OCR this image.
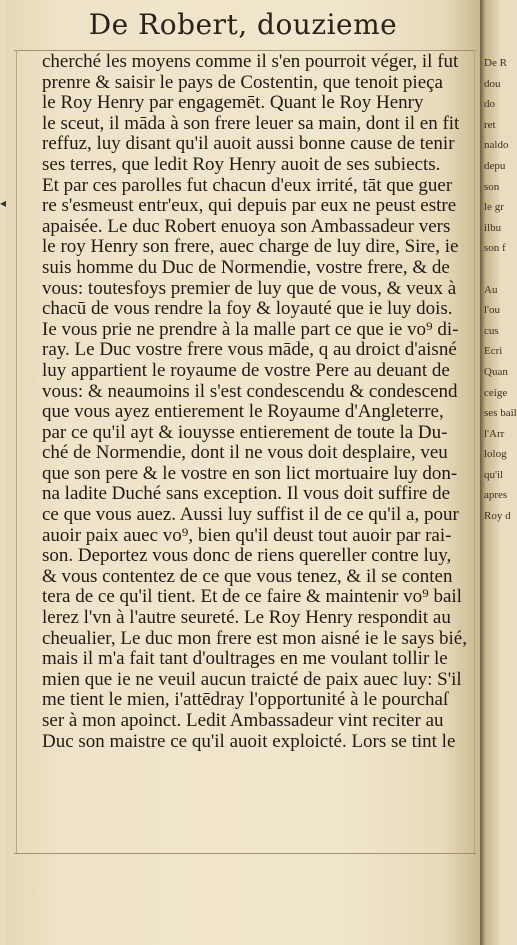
De Robert, douzieme
cherché les moyens comme il s'en pourroit véger, il fut
prenre & saisir le pays de Costentin, que tenoit pieça
le Roy Henry par engagemēt. Quant le Roy Henry
le sceut, il māda à son frere leuer sa main, dont il en fit
reffuz, luy disant qu'il auoit aussi bonne cause de tenir
ses terres, que ledit Roy Henry auoit de ses subiects.
Et par ces parolles fut chacun d'eux irrité, tāt que guer
re s'esmeust entr'eux, qui depuis par eux ne peust estre
apaisée. Le duc Robert enuoya son Ambassadeur vers
le roy Henry son frere, auec charge de luy dire, Sire, ie
suis homme du Duc de Normendie, vostre frere, & de
vous: toutesfoys premier de luy que de vous, & veux à
chacū de vous rendre la foy & loyauté que ie luy dois.
Ie vous prie ne prendre à la malle part ce que ie vo⁹ di-
ray. Le Duc vostre frere vous māde, q au droict d'aisné
luy appartient le royaume de vostre Pere au deuant de
vous: & neaumoins il s'est condescendu & condescend
que vous ayez entierement le Royaume d'Angleterre,
par ce qu'il ayt & iouysse entierement de toute la Du-
ché de Normendie, dont il ne vous doit desplaire, veu
que son pere & le vostre en son lict mortuaire luy don-
na ladite Duché sans exception. Il vous doit suffire de
ce que vous auez. Aussi luy suffist il de ce qu'il a, pour
auoir paix auec vo⁹, bien qu'il deust tout auoir par rai-
son. Deportez vous donc de riens quereller contre luy,
& vous contentez de ce que vous tenez, & il se conten
tera de ce qu'il tient. Et de ce faire & maintenir vo⁹ bail
lerez l'vn à l'autre seureté. Le Roy Henry respondit au
cheualier, Le duc mon frere est mon aisné ie le says bié,
mais il m'a fait tant d'oultrages en me voulant tollir le
mien que ie ne veuil aucun traicté de paix auec luy: S'il
me tient le mien, i'attēdray l'opportunité à le pourchaſ
ser à mon apoinct. Ledit Ambassadeur vint reciter au
Duc son maistre ce qu'il auoit exploicté. Lors se tint le
◂
De R
dou
do
ret
naldo
depu
son
le gr
ilbu
son f
Au
l'ou
cus
Ecri
Quan
ceige
ses bail
l'Arr
lolog
qu'il
apres
Roy d
